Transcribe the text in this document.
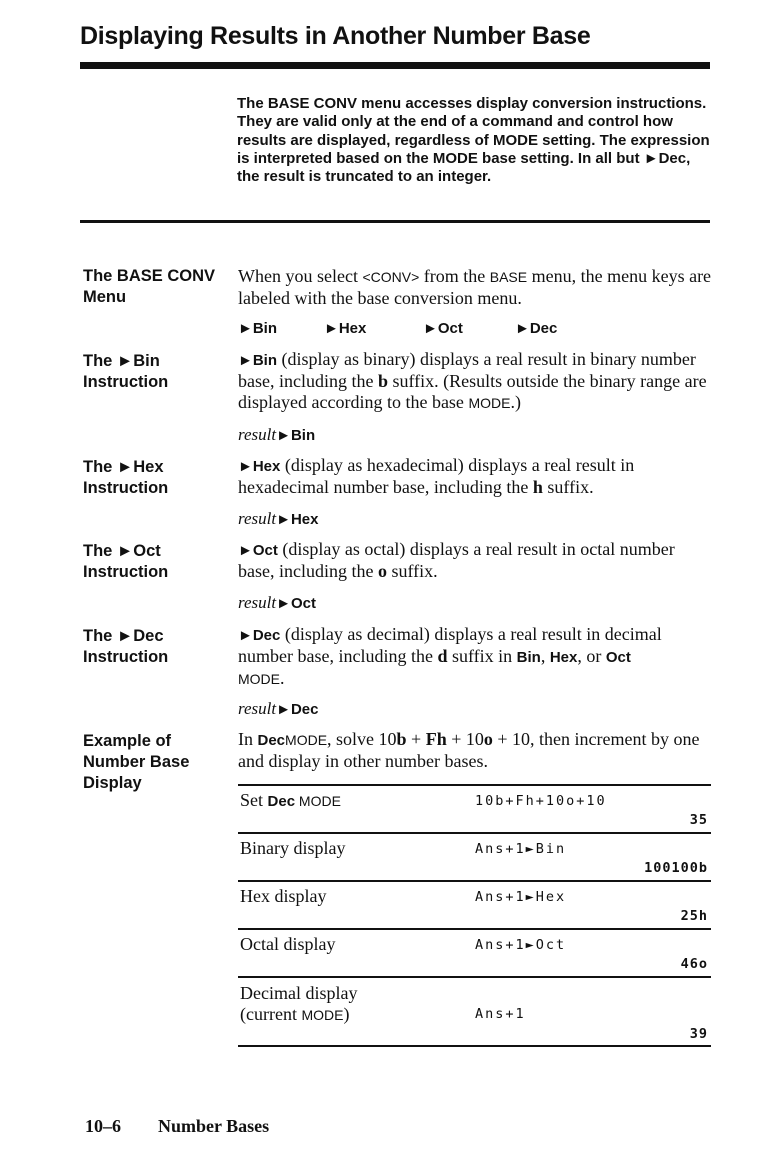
Displaying Results in Another Number Base
The BASE CONV menu accesses display conversion instructions. They are valid only at the end of a command and control how results are displayed, regardless of MODE setting. The expression is interpreted based on the MODE base setting. In all but ►Dec, the result is truncated to an integer.
The BASE CONV
Menu
When you select <CONV> from the BASE menu, the menu keys are labeled with the base conversion menu.
►Bin	►Hex	►Oct	►Dec
The ►Bin
Instruction
►Bin (display as binary) displays a real result in binary number base, including the b suffix. (Results outside the binary range are displayed according to the base MODE.)
result►Bin
The ►Hex
Instruction
►Hex (display as hexadecimal) displays a real result in hexadecimal number base, including the h suffix.
result►Hex
The ►Oct
Instruction
►Oct (display as octal) displays a real result in octal number base, including the o suffix.
result►Oct
The ►Dec
Instruction
►Dec (display as decimal) displays a real result in decimal number base, including the d suffix in Bin, Hex, or Oct
MODE.
result►Dec
Example of
Number Base
Display
In DecMODE, solve 10b + Fh + 10o + 10, then increment by one and display in other number bases.
Set Dec MODE	10b+Fh+10o+10
35
Binary display	Ans+1►Bin
100100b
Hex display	Ans+1►Hex
25h
Octal display	Ans+1►Oct
46o
Decimal display
(current MODE)	Ans+1
39
10–6 Number Bases
